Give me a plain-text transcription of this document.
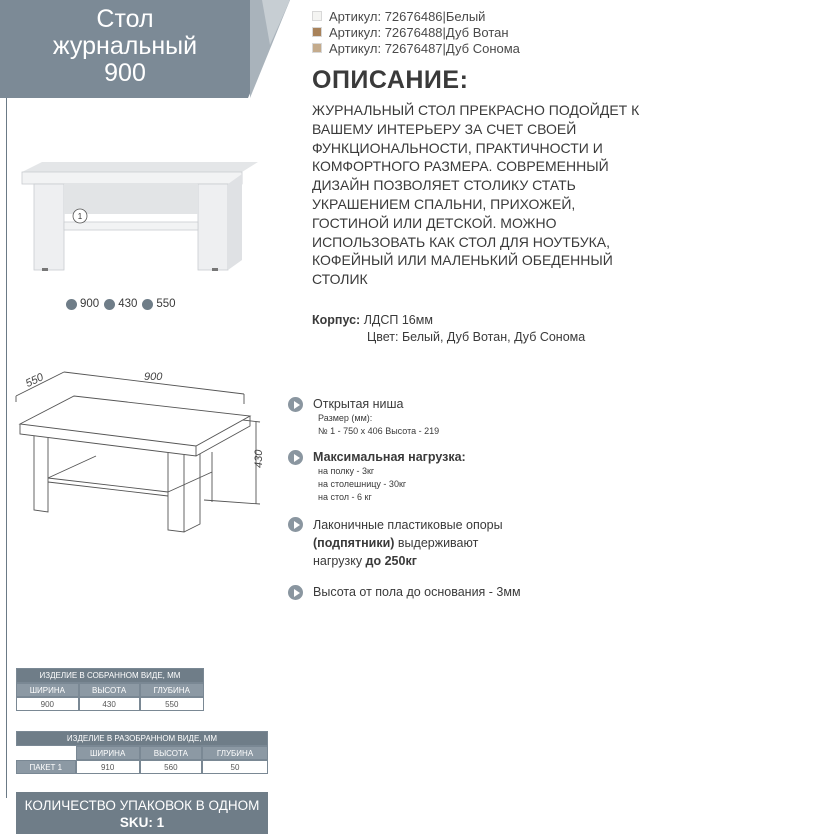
Стол
журнальный
900
Артикул: 72676486|Белый
Артикул: 72676488|Дуб Вотан
Артикул: 72676487|Дуб Сонома
ОПИСАНИЕ:
ЖУРНАЛЬНЫЙ СТОЛ ПРЕКРАСНО ПОДОЙДЕТ К ВАШЕМУ ИНТЕРЬЕРУ ЗА СЧЕТ СВОЕЙ ФУНКЦИОНАЛЬНОСТИ, ПРАКТИЧНОСТИ И КОМФОРТНОГО РАЗМЕРА. СОВРЕМЕННЫЙ ДИЗАЙН ПОЗВОЛЯЕТ СТОЛИКУ СТАТЬ УКРАШЕНИЕМ СПАЛЬНИ, ПРИХОЖЕЙ, ГОСТИНОЙ ИЛИ ДЕТСКОЙ. МОЖНО ИСПОЛЬЗОВАТЬ КАК СТОЛ ДЛЯ НОУТБУКА, КОФЕЙНЫЙ ИЛИ МАЛЕНЬКИЙ ОБЕДЕННЫЙ СТОЛИК
Корпус: ЛДСП 16мм
Цвет: Белый, Дуб Вотан, Дуб Сонома
1
900 430 550
550	900
430
Открытая ниша
Размер (мм):
№ 1 - 750 х 406 Высота - 219
Максимальная нагрузка:
на полку - 3кг
на столешницу - 30кг
на стол - 6 кг
Лаконичные пластиковые опоры
(подпятники) выдерживают
нагрузку до 250кг
Высота от пола до основания - 3мм
ИЗДЕЛИЕ В СОБРАННОМ ВИДЕ, ММ		
ШИРИНА	ВЫСОТА	ГЛУБИНА
900	430	550
ИЗДЕЛИЕ В РАЗОБРАННОМ ВИДЕ, ММ			
	ШИРИНА	ВЫСОТА	ГЛУБИНА
ПАКЕТ 1	910	560	50
КОЛИЧЕСТВО УПАКОВОК В ОДНОМ
SKU: 1
